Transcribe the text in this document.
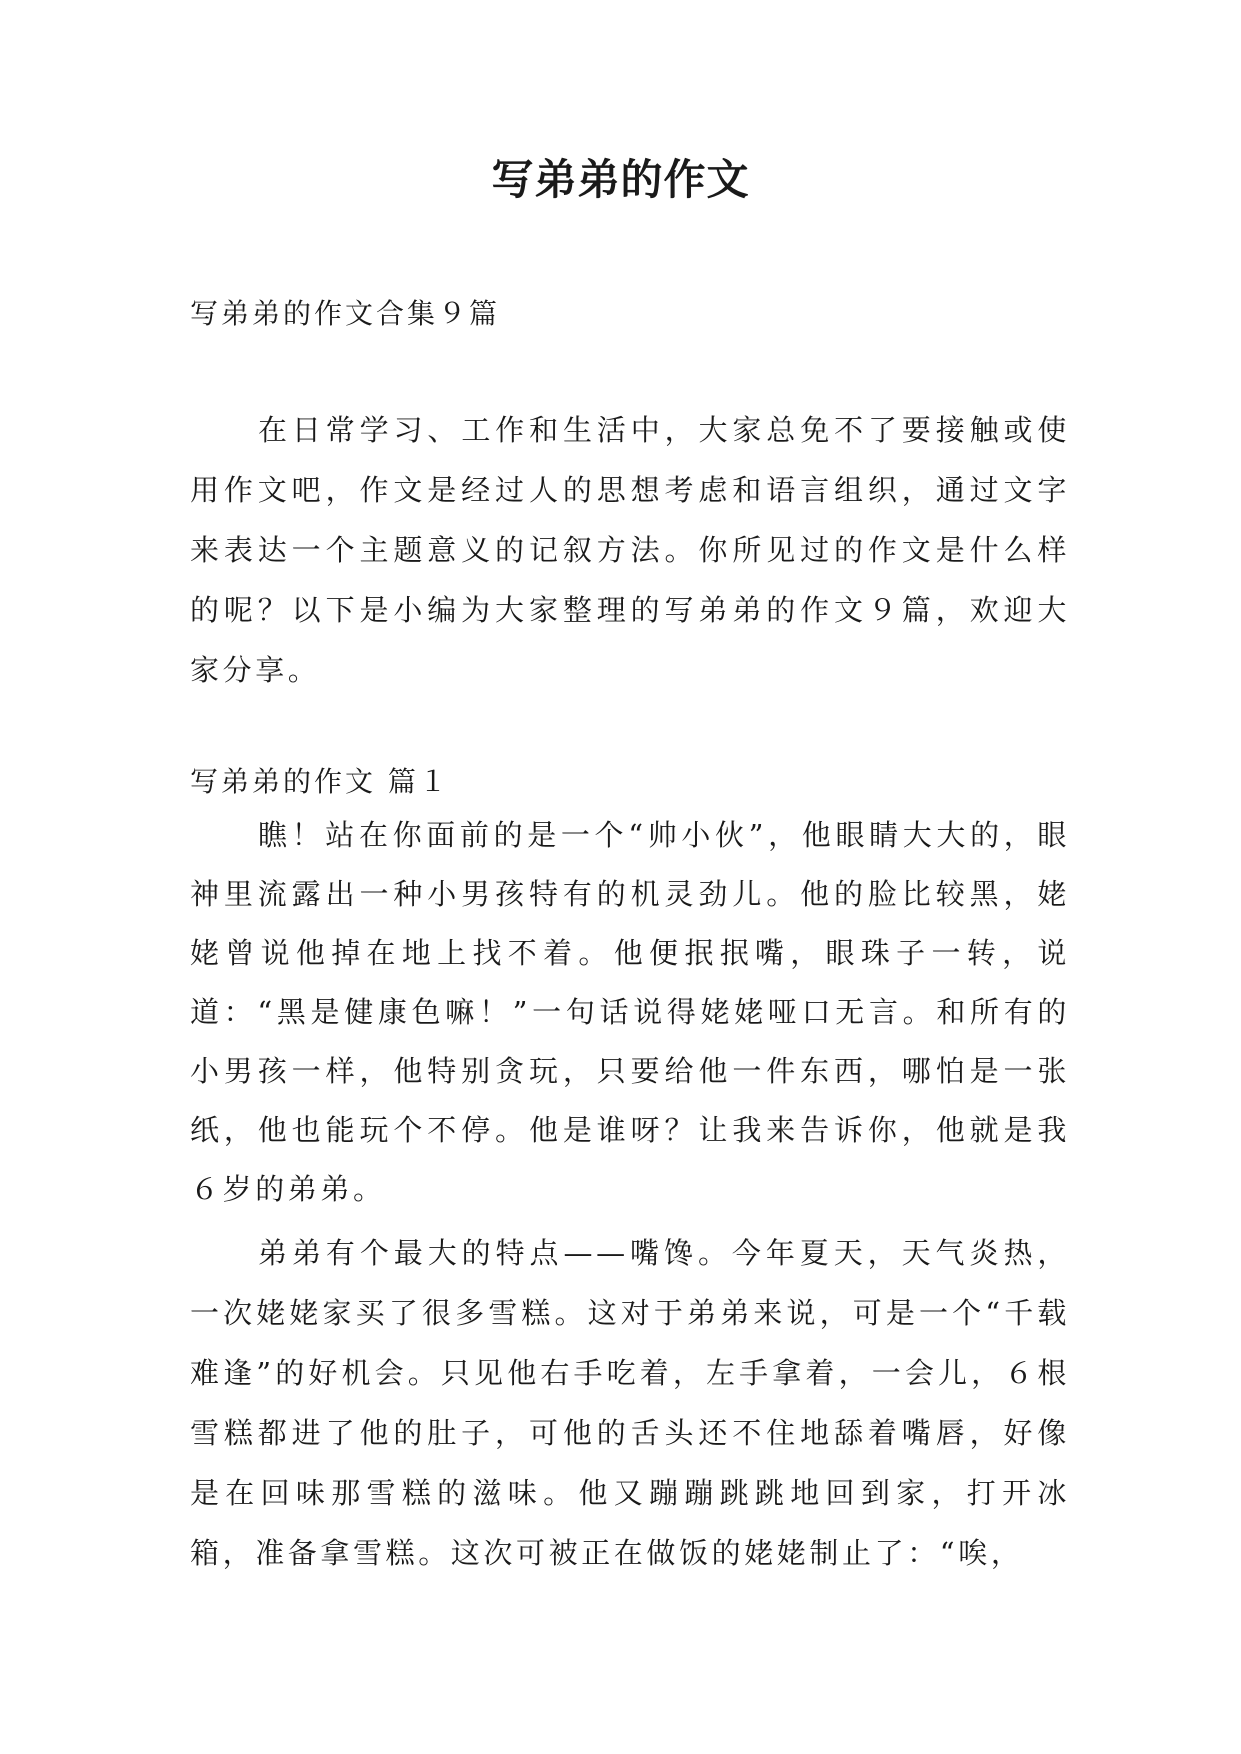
写弟弟的作文

写弟弟的作文合集９篇

在日常学习、工作和生活中，大家总免不了要接触或使用作文吧，作文是经过人的思想考虑和语言组织，通过文字来表达一个主题意义的记叙方法。你所见过的作文是什么样的呢？以下是小编为大家整理的写弟弟的作文９篇，欢迎大家分享。

写弟弟的作文 篇１

瞧！站在你面前的是一个“帅小伙”，他眼睛大大的，眼神里流露出一种小男孩特有的机灵劲儿。他的脸比较黑，姥姥曾说他掉在地上找不着。他便抿抿嘴，眼珠子一转，说道：“黑是健康色嘛！”一句话说得姥姥哑口无言。和所有的小男孩一样，他特别贪玩，只要给他一件东西，哪怕是一张纸，他也能玩个不停。他是谁呀？让我来告诉你，他就是我６岁的弟弟。

弟弟有个最大的特点——嘴馋。今年夏天，天气炎热，一次姥姥家买了很多雪糕。这对于弟弟来说，可是一个“千载难逢”的好机会。只见他右手吃着，左手拿着，一会儿，６根雪糕都进了他的肚子，可他的舌头还不住地舔着嘴唇，好像是在回味那雪糕的滋味。他又蹦蹦跳跳地回到家，打开冰箱，准备拿雪糕。这次可被正在做饭的姥姥制止了：“唉，
